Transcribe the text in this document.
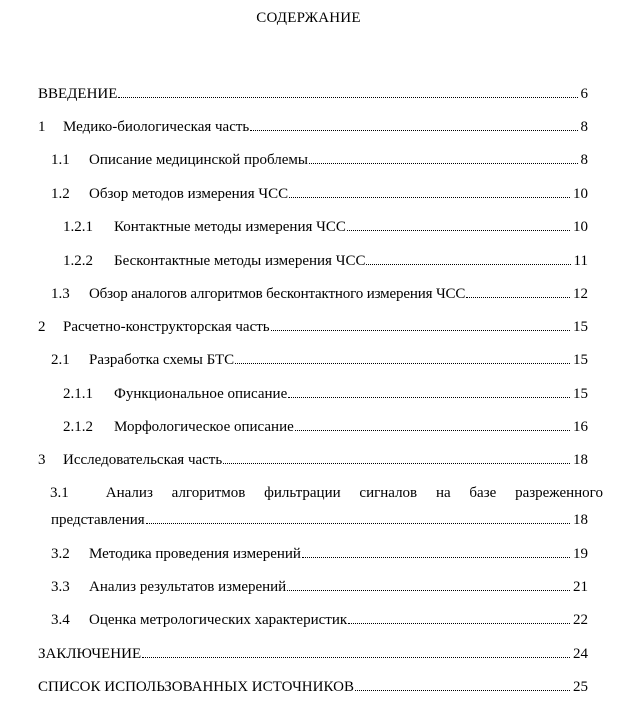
СОДЕРЖАНИЕ
ВВЕДЕНИЕ	6
1	Медико-биологическая часть	8
1.1	Описание медицинской проблемы	8
1.2	Обзор методов измерения ЧСС	10
1.2.1	Контактные методы измерения ЧСС	10
1.2.2	Бесконтактные методы измерения ЧСС	11
1.3	Обзор аналогов алгоритмов бесконтактного измерения ЧСС	12
2	Расчетно-конструкторская часть	15
2.1	Разработка схемы БТС	15
2.1.1	Функциональное описание	15
2.1.2	Морфологическое описание	16
3	Исследовательская часть	18
3.1	Анализ алгоритмов фильтрации сигналов на базе разреженного
представления	18
3.2	Методика проведения измерений	19
3.3	Анализ результатов измерений	21
3.4	Оценка метрологических характеристик	22
ЗАКЛЮЧЕНИЕ	24
СПИСОК ИСПОЛЬЗОВАННЫХ ИСТОЧНИКОВ	25
